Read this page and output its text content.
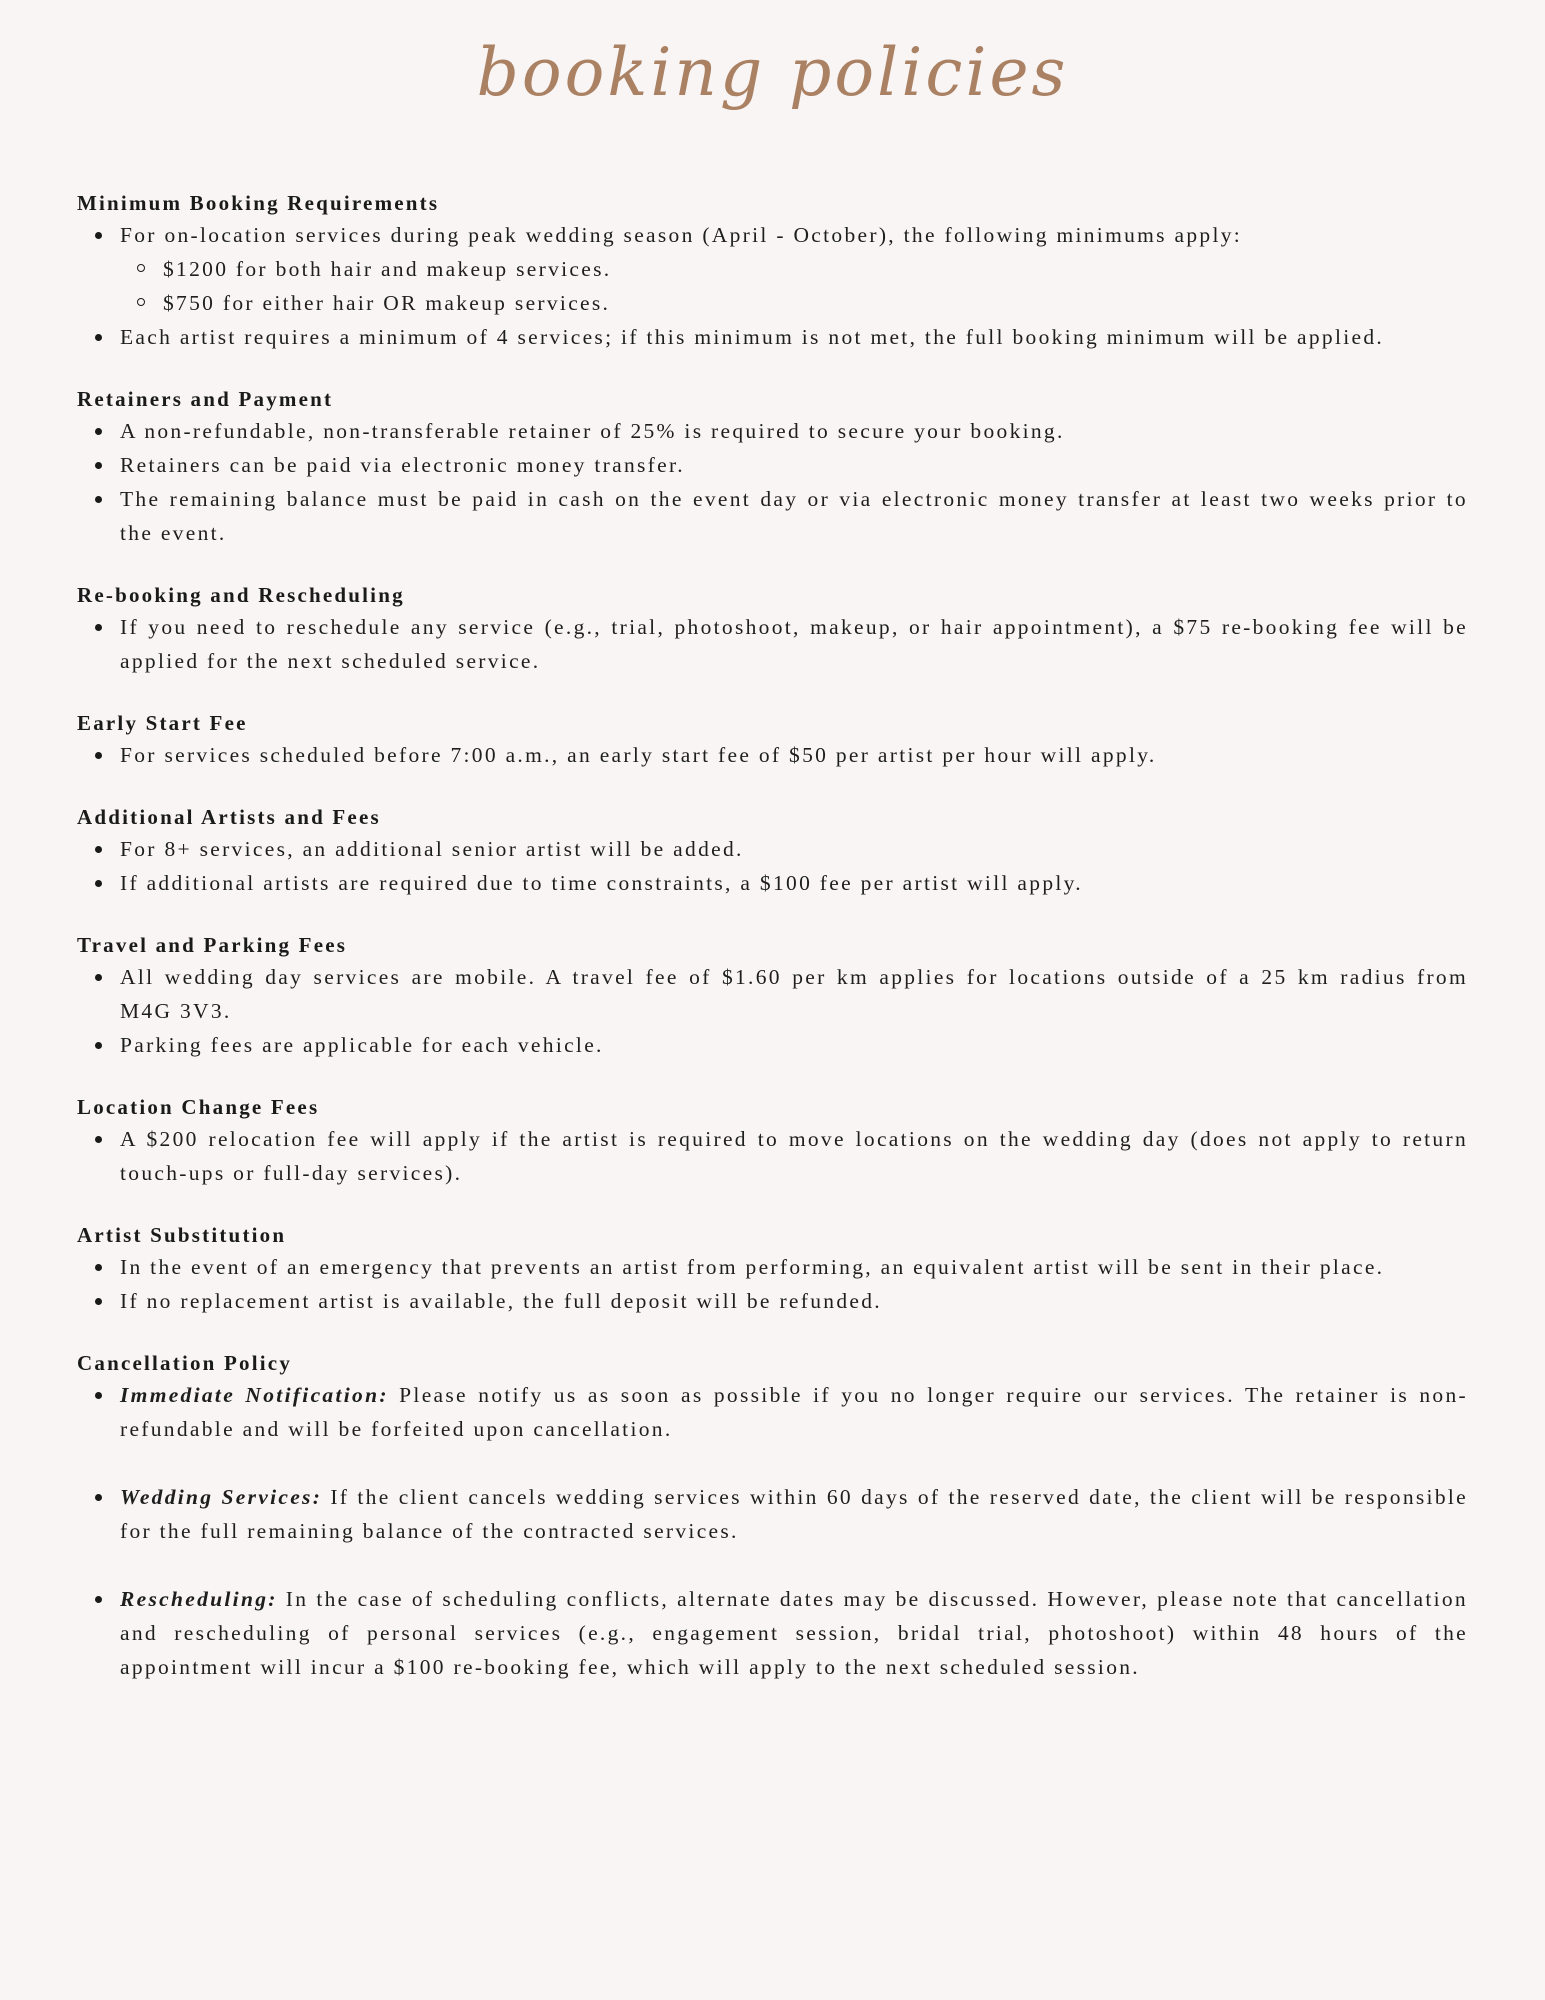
booking policies

Minimum Booking Requirements

For on-location services during peak wedding season (April - October), the following minimums apply:
$1200 for both hair and makeup services.
$750 for either hair OR makeup services.
Each artist requires a minimum of 4 services; if this minimum is not met, the full booking minimum will be applied.

Retainers and Payment

A non-refundable, non-transferable retainer of 25% is required to secure your booking.
Retainers can be paid via electronic money transfer.
The remaining balance must be paid in cash on the event day or via electronic money transfer at least two weeks prior to the event.

Re-booking and Rescheduling

If you need to reschedule any service (e.g., trial, photoshoot, makeup, or hair appointment), a $75 re-booking fee will be applied for the next scheduled service.

Early Start Fee

For services scheduled before 7:00 a.m., an early start fee of $50 per artist per hour will apply.

Additional Artists and Fees

For 8+ services, an additional senior artist will be added.
If additional artists are required due to time constraints, a $100 fee per artist will apply.

Travel and Parking Fees

All wedding day services are mobile. A travel fee of $1.60 per km applies for locations outside of a 25 km radius from M4G 3V3.
Parking fees are applicable for each vehicle.

Location Change Fees

A $200 relocation fee will apply if the artist is required to move locations on the wedding day (does not apply to return touch-ups or full-day services).

Artist Substitution

In the event of an emergency that prevents an artist from performing, an equivalent artist will be sent in their place.
If no replacement artist is available, the full deposit will be refunded.

Cancellation Policy

Immediate Notification: Please notify us as soon as possible if you no longer require our services. The retainer is non-refundable and will be forfeited upon cancellation.
Wedding Services: If the client cancels wedding services within 60 days of the reserved date, the client will be responsible for the full remaining balance of the contracted services.
Rescheduling: In the case of scheduling conflicts, alternate dates may be discussed. However, please note that cancellation and rescheduling of personal services (e.g., engagement session, bridal trial, photoshoot) within 48 hours of the appointment will incur a $100 re-booking fee, which will apply to the next scheduled session.
